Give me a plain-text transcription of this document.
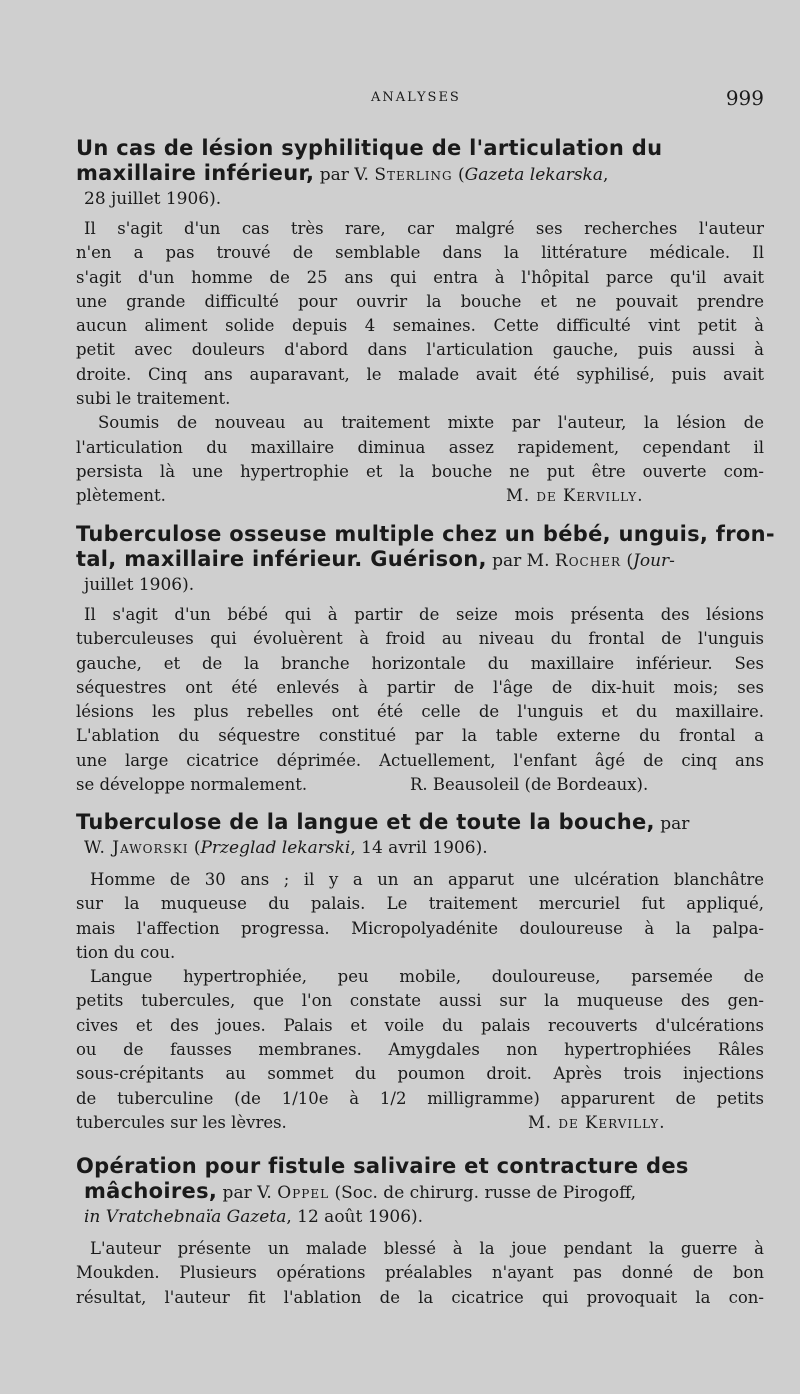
ANALYSES	999
Un cas de lésion syphilitique de l'articulation du
maxillaire inférieur, par V. Sterling (Gazeta lekarska,
28 juillet 1906).

Il s'agit d'un cas très rare, car malgré ses recherches l'auteur
n'en a pas trouvé de semblable dans la littérature médicale. Il
s'agit d'un homme de 25 ans qui entra à l'hôpital parce qu'il avait
une grande difficulté pour ouvrir la bouche et ne pouvait prendre
aucun aliment solide depuis 4 semaines. Cette difficulté vint petit à
petit avec douleurs d'abord dans l'articulation gauche, puis aussi à
droite. Cinq ans auparavant, le malade avait été syphilisé, puis avait
subi le traitement.

Soumis de nouveau au traitement mixte par l'auteur, la lésion de
l'articulation du maxillaire diminua assez rapidement, cependant il
persista là une hypertrophie et la bouche ne put être ouverte com-
plètement.	M. de Kervilly.

Tuberculose osseuse multiple chez un bébé, unguis, fron-
tal, maxillaire inférieur. Guérison, par M. Rocher (Jour-
juillet 1906).

Il s'agit d'un bébé qui à partir de seize mois présenta des lésions
tuberculeuses qui évoluèrent à froid au niveau du frontal de l'unguis
gauche, et de la branche horizontale du maxillaire inférieur. Ses
séquestres ont été enlevés à partir de l'âge de dix-huit mois; ses
lésions les plus rebelles ont été celle de l'unguis et du maxillaire.
L'ablation du séquestre constitué par la table externe du frontal a
une large cicatrice déprimée. Actuellement, l'enfant âgé de cinq ans
se développe normalement.	R. Beausoleil (de Bordeaux).

Tuberculose de la langue et de toute la bouche, par
W. Jaworski (Przeglad lekarski, 14 avril 1906).

Homme de 30 ans ; il y a un an apparut une ulcération blanchâtre
sur la muqueuse du palais. Le traitement mercuriel fut appliqué,
mais l'affection progressa. Micropolyadénite douloureuse à la palpa-
tion du cou.

Langue hypertrophiée, peu mobile, douloureuse, parsemée de
petits tubercules, que l'on constate aussi sur la muqueuse des gen-
cives et des joues. Palais et voile du palais recouverts d'ulcérations
ou de fausses membranes. Amygdales non hypertrophiées Râles
sous-crépitants au sommet du poumon droit. Après trois injections
de tuberculine (de 1/10e à 1/2 milligramme) apparurent de petits
tubercules sur les lèvres.	M. de Kervilly.

Opération pour fistule salivaire et contracture des
mâchoires, par V. Oppel (Soc. de chirurg. russe de Pirogoff,
in Vratchebnaïa Gazeta, 12 août 1906).

L'auteur présente un malade blessé à la joue pendant la guerre à
Moukden. Plusieurs opérations préalables n'ayant pas donné de bon
résultat, l'auteur fit l'ablation de la cicatrice qui provoquait la con-
